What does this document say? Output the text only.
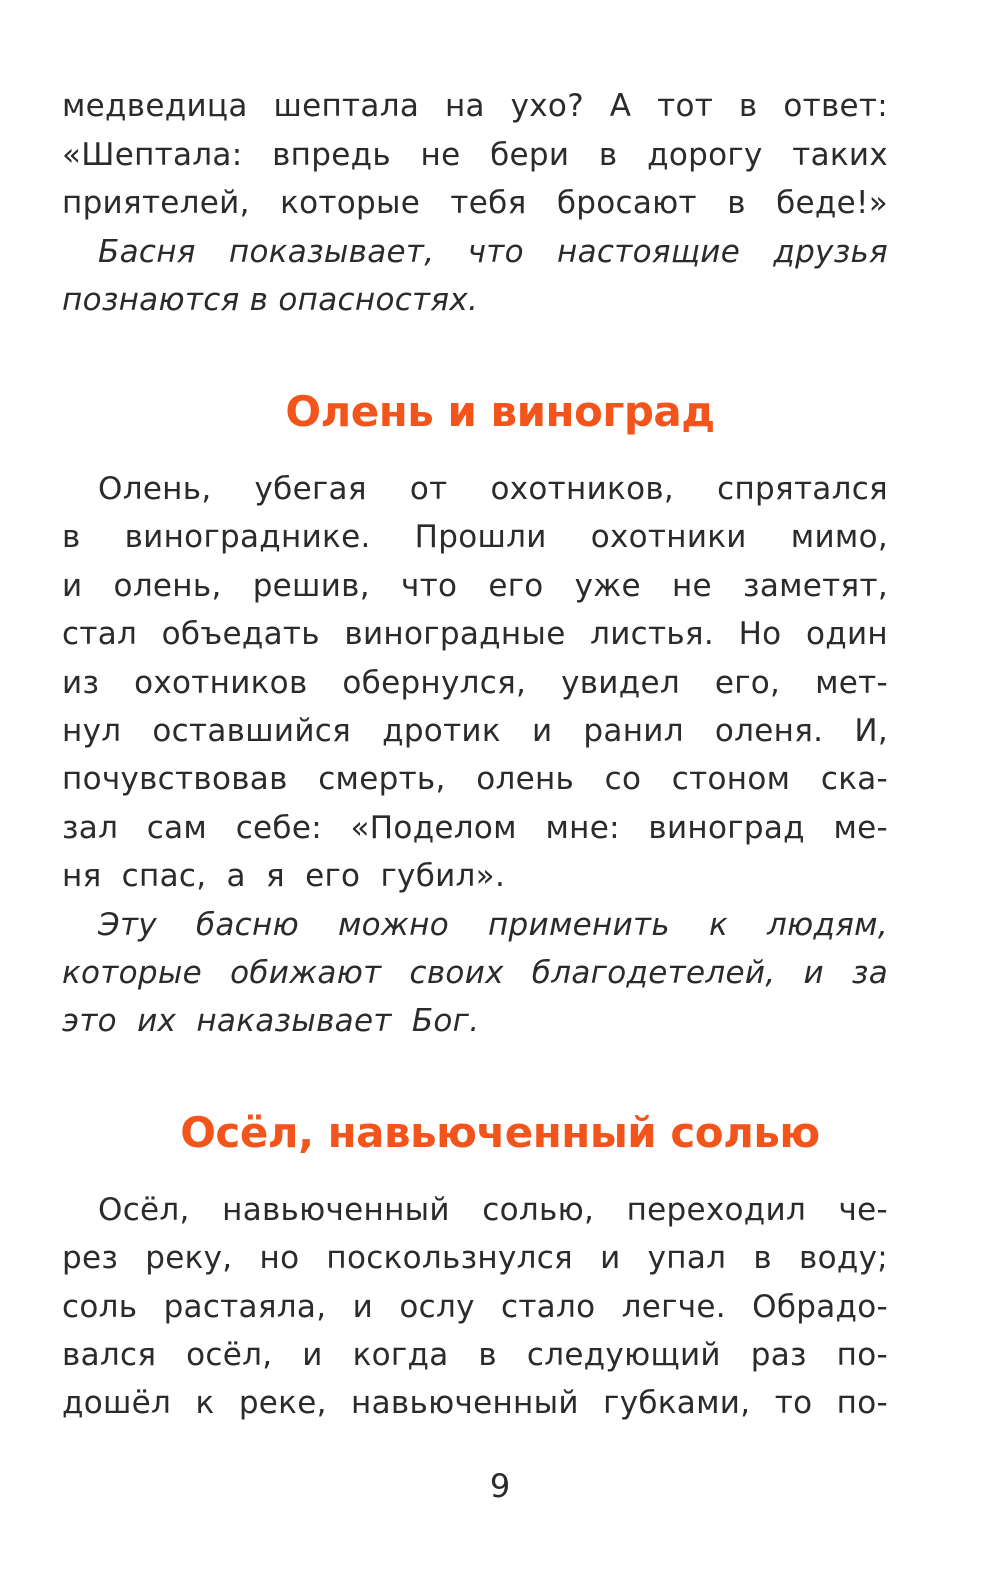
медведица шептала на ухо? А тот в ответ:
«Шептала: впредь не бери в дорогу таких
приятелей, которые тебя бросают в беде!»
Басня показывает, что настоящие друзья
познаются в опасностях.
Олень и виноград
Олень, убегая от охотников, спрятался
в винограднике. Прошли охотники мимо,
и олень, решив, что его уже не заметят,
стал объедать виноградные листья. Но один
из охотников обернулся, увидел его, мет-
нул оставшийся дротик и ранил оленя. И,
почувствовав смерть, олень со стоном ска-
зал сам себе: «Поделом мне: виноград ме-
ня спас, а я его губил».
Эту басню можно применить к людям,
которые обижают своих благодетелей, и за
это их наказывает Бог.
Осёл, навьюченный солью
Осёл, навьюченный солью, переходил че-
рез реку, но поскользнулся и упал в воду;
соль растаяла, и ослу стало легче. Обрадо-
вался осёл, и когда в следующий раз по-
дошёл к реке, навьюченный губками, то по-
9
